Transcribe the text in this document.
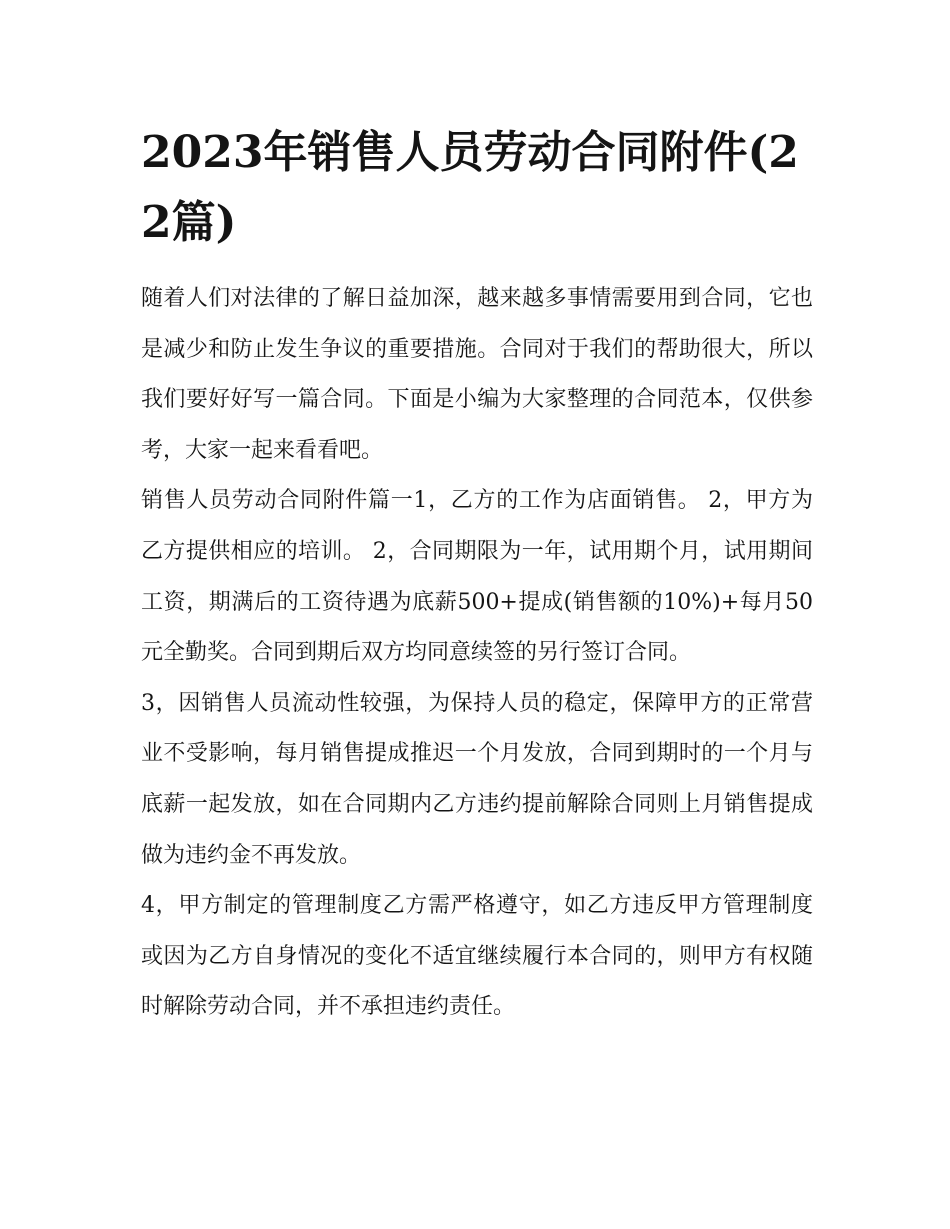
2023年销售人员劳动合同附件(22篇)

随着人们对法律的了解日益加深，越来越多事情需要用到合同，它也是减少和防止发生争议的重要措施。合同对于我们的帮助很大，所以我们要好好写一篇合同。下面是小编为大家整理的合同范本，仅供参考，大家一起来看看吧。

销售人员劳动合同附件篇一1，乙方的工作为店面销售。 2，甲方为乙方提供相应的培训。 2，合同期限为一年，试用期个月，试用期间工资，期满后的工资待遇为底薪500+提成(销售额的10%)+每月50元全勤奖。合同到期后双方均同意续签的另行签订合同。

3，因销售人员流动性较强，为保持人员的稳定，保障甲方的正常营业不受影响，每月销售提成推迟一个月发放，合同到期时的一个月与底薪一起发放，如在合同期内乙方违约提前解除合同则上月销售提成做为违约金不再发放。

4，甲方制定的管理制度乙方需严格遵守，如乙方违反甲方管理制度或因为乙方自身情况的变化不适宜继续履行本合同的，则甲方有权随时解除劳动合同，并不承担违约责任。
